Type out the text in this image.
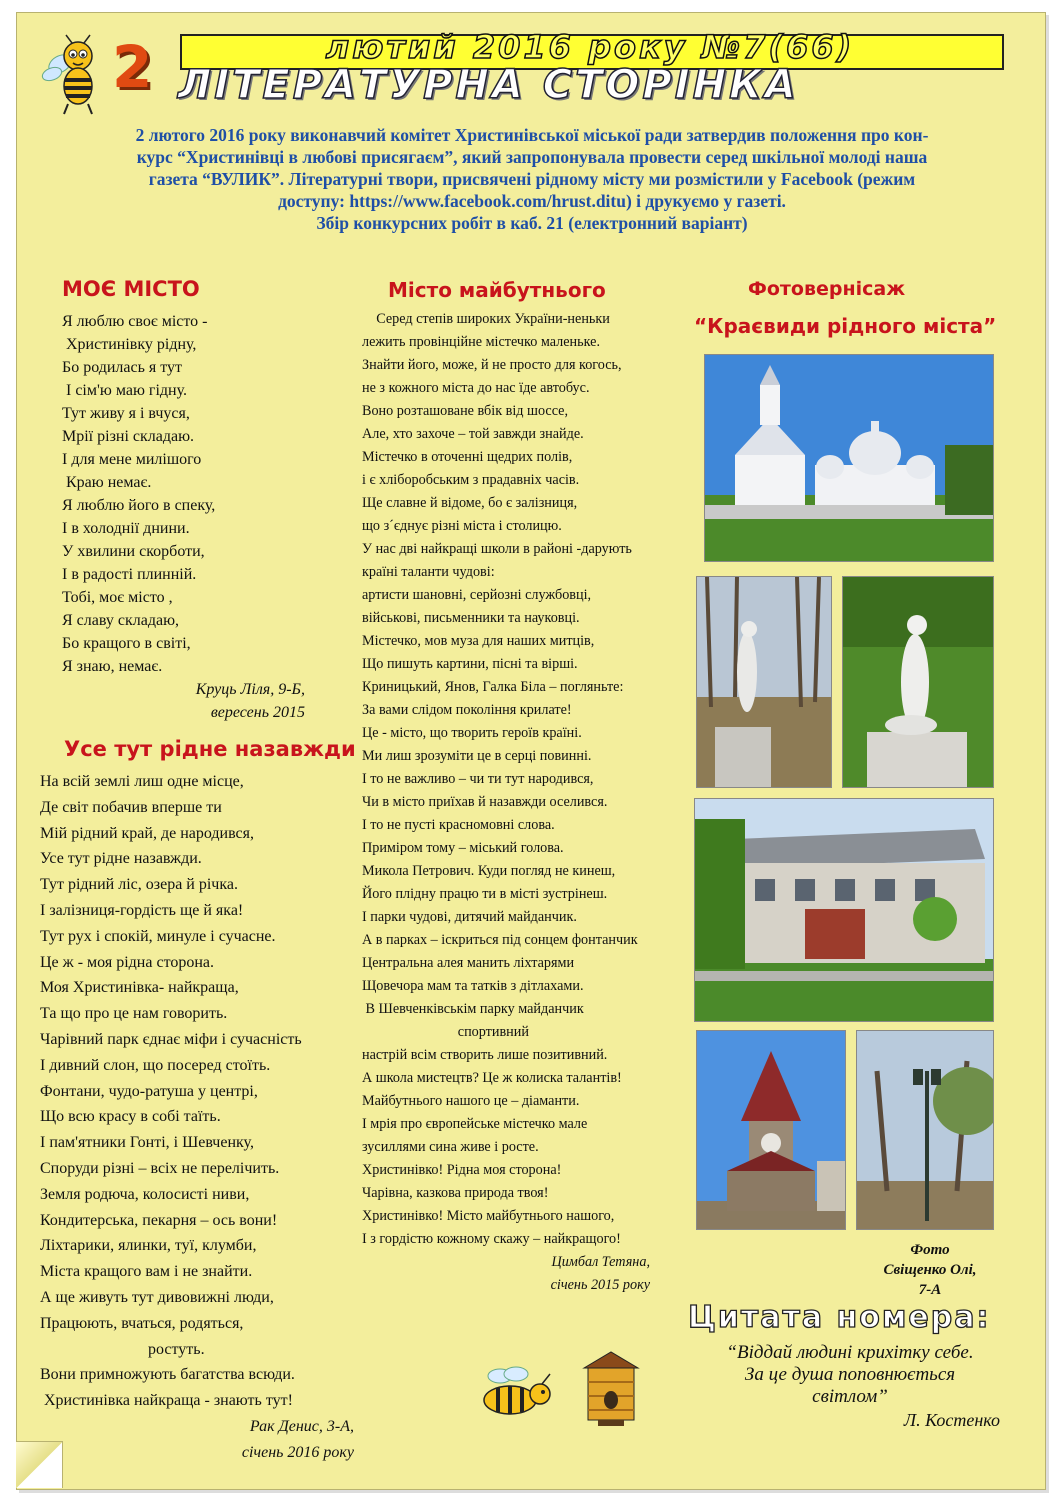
2	лютий 2016 року №7(66)
ЛІТЕРАТУРНА СТОРІНКА

2 лютого 2016 року виконавчий комітет Христинівської міської ради затвердив положення про кон-

курс “Христинівці в любові присягаєм”, який запропонувала провести серед шкільної молоді наша

газета “ВУЛИК”. Літературні твори, присвячені рідному місту ми розмістили у Facebook (режим

доступу: https://www.facebook.com/hrust.ditu) і друкуємо у газеті.

Збір конкурсних робіт в каб. 21 (електронний варіант)

МОЄ МІСТО
Я люблю своє місто -
Христинівку рідну,
Бо родилась я тут
І сім'ю маю гідну.
Тут живу я і вчуся,
Мрії різні складаю.
І для мене милішого
Краю немає.
Я люблю його в спеку,
І в холоднії днини.
У хвилини скорботи,
І в радості плинній.
Тобі, моє місто ,
Я славу складаю,
Бо кращого в світі,
Я знаю, немає.
Круць Ліля, 9-Б,
вересень 2015
Усе тут рідне назавжди
На всій землі лиш одне місце,
Де світ побачив вперше ти
Мій рідний край, де народився,
Усе тут рідне назавжди.
Тут рідний ліс, озера й річка.
І залізниця-гордість ще й яка!
Тут рух і спокій, минуле і сучасне.
Це ж - моя рідна сторона.
Моя Христинівка- найкраща,
Та що про це нам говорить.
Чарівний парк єднає міфи і сучасність
І дивний слон, що посеред стоїть.
Фонтани, чудо-ратуша у центрі,
Що всю красу в собі таїть.
І пам'ятники Гонті, і Шевченку,
Споруди різні – всіх не перелічить.
Земля родюча, колосисті ниви,
Кондитерська, пекарня – ось вони!
Ліхтарики, ялинки, туї, клумби,
Міста кращого вам і не знайти.
А ще живуть тут дивовижні люди,
Працюють, вчаться, родяться,
ростуть.
Вони примножують багатства всюди.
Христинівка найкраща - знають тут!
Рак Денис, 3-А,
січень 2016 року
Місто майбутнього
Серед степів широких України-неньки
лежить провінційне містечко маленьке.
Знайти його, може, й не просто для когось,
не з кожного міста до нас їде автобус.
Воно розташоване вбік від шоссе,
Але, хто захоче – той завжди знайде.
Містечко в оточенні щедрих полів,
і є хліборобським з прадавніх часів.
Ще славне й відоме, бо є залізниця,
що з´єднує різні міста і столицю.
У нас дві найкращі школи в районі -дарують
країні таланти чудові:
артисти шановні, серйозні службовці,
військові, письменники та науковці.
Містечко, мов муза для наших митців,
Що пишуть картини, пісні та вірші.
Криницький, Янов, Галка Біла – погляньте:
За вами слідом покоління крилате!
Це - місто, що творить героїв країні.
Ми лиш зрозуміти це в серці повинні.
І то не важливо – чи ти тут народився,
Чи в місто приїхав й назавжди оселився.
І то не пусті красномовні слова.
Приміром тому – міський голова.
Микола Петрович. Куди погляд не кинеш,
Його плідну працю ти в місті зустрінеш.
І парки чудові, дитячий майданчик.
А в парках – іскриться під сонцем фонтанчик
Центральна алея манить ліхтарями
Щовечора мам та татків з дітлахами.
В Шевченківськім парку майданчик
спортивний
настрій всім створить лише позитивний.
А школа мистецтв? Це ж колиска талантів!
Майбутнього нашого це – діаманти.
І мрія про європейське містечко мале
зусиллями сина живе і росте.
Христинівко! Рідна моя сторона!
Чарівна, казкова природа твоя!
Христинівко! Місто майбутнього нашого,
І з гордістю кожному скажу – найкращого!
Цимбал Тетяна,
січень 2015 року
Фотовернісаж
“Краєвиди рідного міста”
Фото
Свіщенко Олі,
7-А
Цитата номера:
“Віддай людині крихітку себе.
За це душа поповнюється
світлом”
Л. Костенко
